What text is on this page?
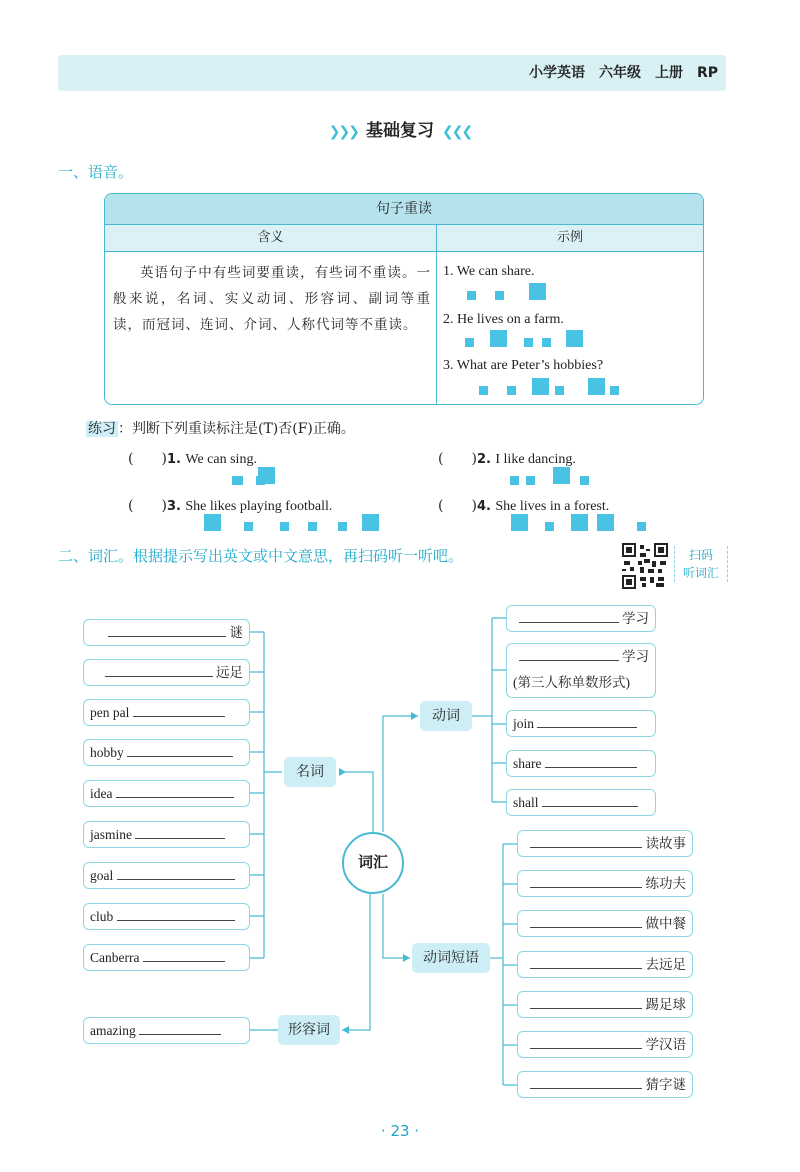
小学英语　六年级　上册　RP
❯❯❯ 基础复习 ❮❮❮
一、语音。
句子重读
含义	示例
英语句子中有些词要重读，有些词不重读。一般来说，名词、实义动词、形容词、副词等重读，而冠词、连词、介词、人称代词等不重读。
1. We can share.
2. He lives on a farm.
3. What are Peter’s hobbies?
练习 ：判断下列重读标注是(T)否(F)正确。
(　　)1. We can sing.	(　　)2. I like dancing.
(　　)3. She likes playing football.	(　　)4. She lives in a forest.
二、词汇。根据提示写出英文或中文意思，再扫码听一听吧。	扫码
听词汇
词汇
名词
动词
动词短语
形容词
谜
远足
pen pal
hobby
idea
jasmine
goal
club
Canberra
学习
学习
(第三人称单数形式)
join
share
shall
读故事
练功夫
做中餐
去远足
踢足球
学汉语
猜字谜
amazing
· 23 ·
